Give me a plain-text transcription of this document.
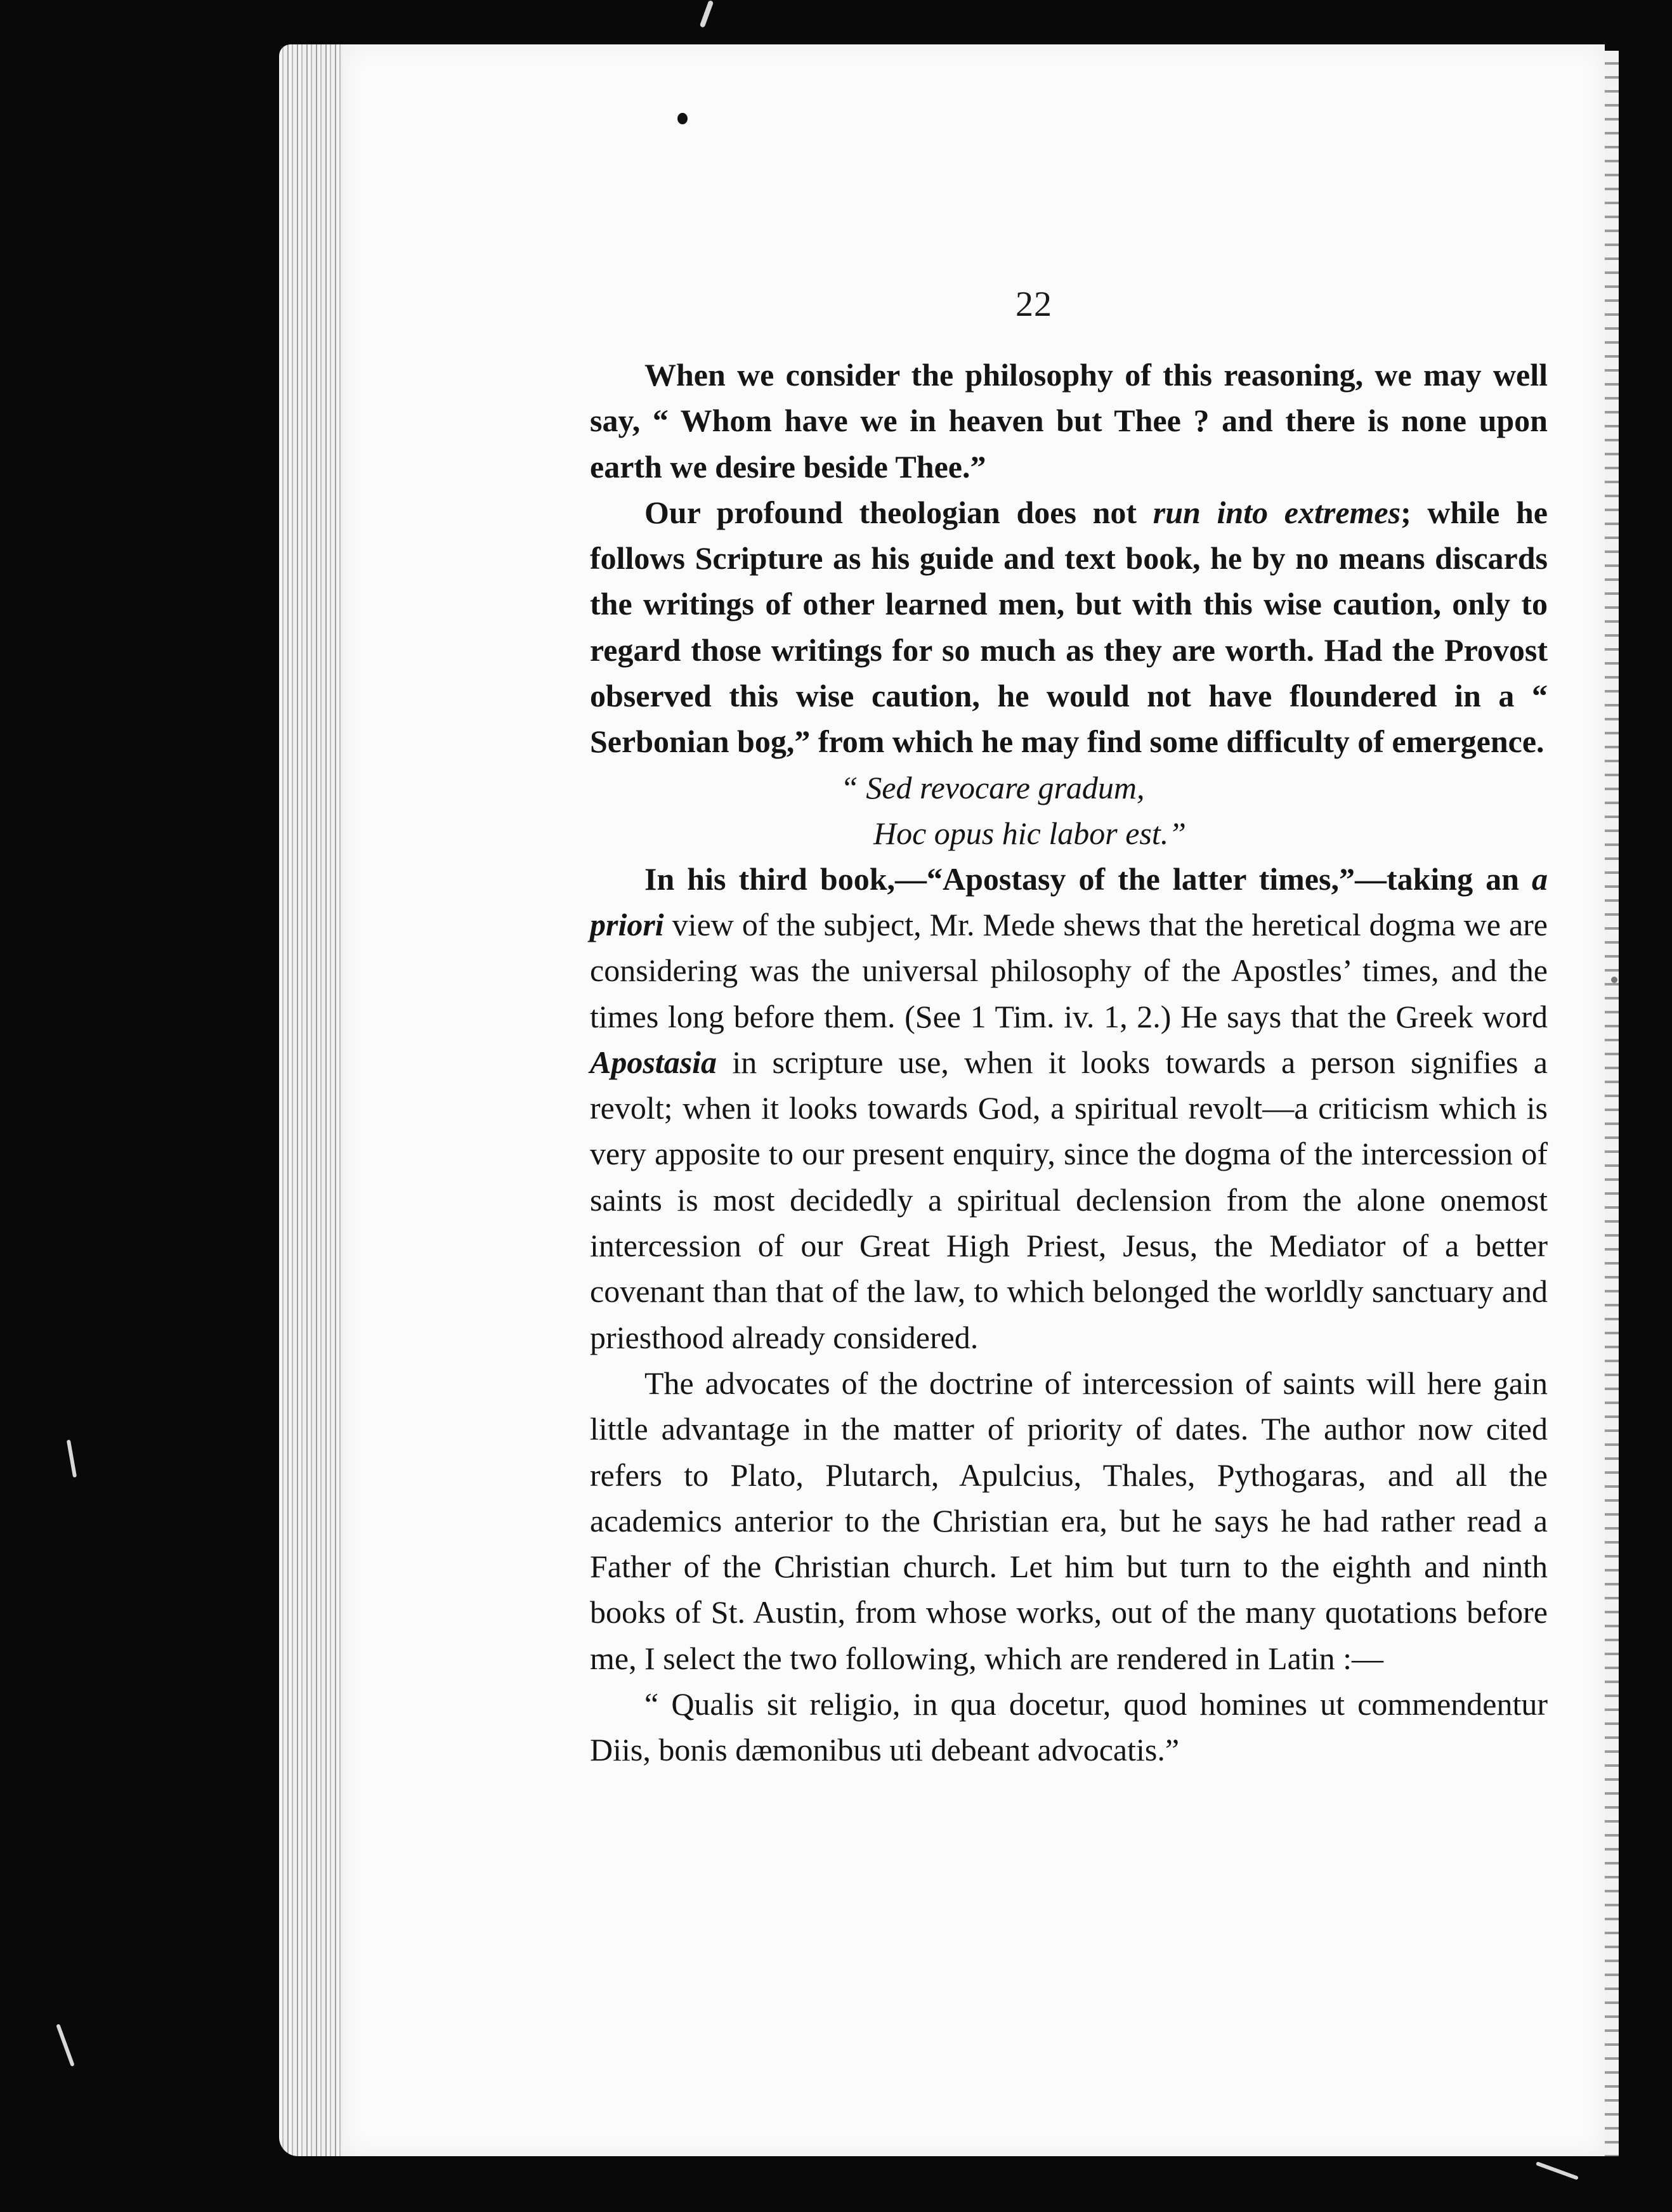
22

When we consider the philosophy of this reasoning, we may well say, “ Whom have we in heaven but Thee ? and there is none upon earth we desire beside Thee.”

Our profound theologian does not run into extremes; while he follows Scripture as his guide and text book, he by no means discards the writings of other learned men, but with this wise caution, only to regard those writings for so much as they are worth. Had the Provost observed this wise caution, he would not have floundered in a “ Serbonian bog,” from which he may find some difficulty of emergence.

“ Sed revocare gradum,

Hoc opus hic labor est.”

In his third book,—“Apostasy of the latter times,”—taking an a priori view of the subject, Mr. Mede shews that the heretical dogma we are considering was the universal philosophy of the Apostles’ times, and the times long before them. (See 1 Tim. iv. 1, 2.) He says that the Greek word Apostasia in scripture use, when it looks towards a person signifies a revolt; when it looks towards God, a spiritual revolt—a criticism which is very apposite to our present enquiry, since the dogma of the intercession of saints is most decidedly a spiritual declension from the alone onemost intercession of our Great High Priest, Jesus, the Mediator of a better covenant than that of the law, to which belonged the worldly sanctuary and priesthood already considered.

The advocates of the doctrine of intercession of saints will here gain little advantage in the matter of priority of dates. The author now cited refers to Plato, Plutarch, Apulcius, Thales, Pythogaras, and all the academics anterior to the Christian era, but he says he had rather read a Father of the Christian church. Let him but turn to the eighth and ninth books of St. Austin, from whose works, out of the many quotations before me, I select the two following, which are rendered in Latin :—

“ Qualis sit religio, in qua docetur, quod homines ut commendentur Diis, bonis dæmonibus uti debeant advocatis.”
